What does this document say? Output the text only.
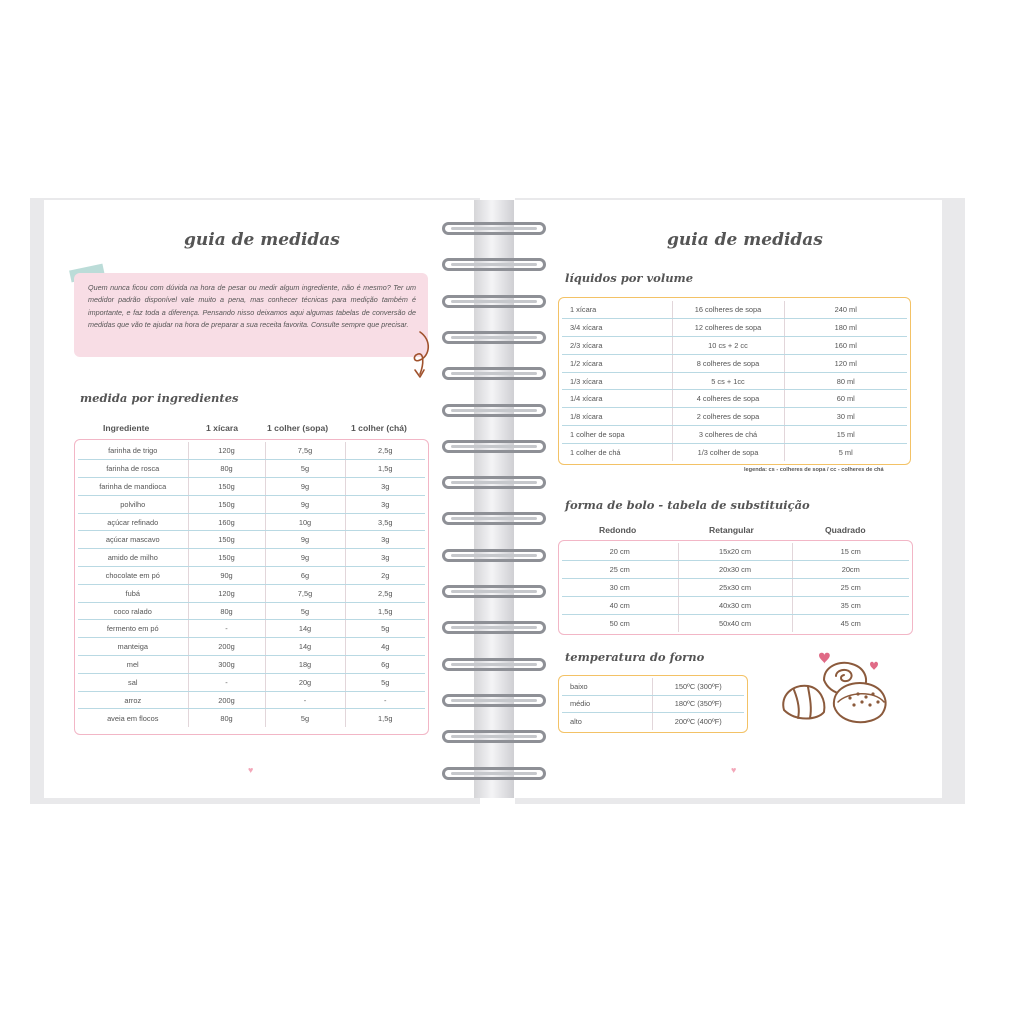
guia de medidas
Quem nunca ficou com dúvida na hora de pesar ou medir algum ingrediente, não é mesmo? Ter um medidor padrão disponível vale muito a pena, mas conhecer técnicas para medição também é importante, e faz toda a diferença. Pensando nisso deixamos aqui algumas tabelas de conversão de medidas que vão te ajudar na hora de preparar a sua receita favorita. Consulte sempre que precisar.
medida por ingredientes
Ingrediente	1 xícara	1 colher (sopa)	1 colher (chá)
farinha de trigo	120g	7,5g	2,5g
farinha de rosca	80g	5g	1,5g
farinha de mandioca	150g	9g	3g
polvilho	150g	9g	3g
açúcar refinado	160g	10g	3,5g
açúcar mascavo	150g	9g	3g
amido de milho	150g	9g	3g
chocolate em pó	90g	6g	2g
fubá	120g	7,5g	2,5g
coco ralado	80g	5g	1,5g
fermento em pó	-	14g	5g
manteiga	200g	14g	4g
mel	300g	18g	6g
sal	-	20g	5g
arroz	200g	-	-
aveia em flocos	80g	5g	1,5g
♥
guia de medidas
líquidos por volume
1 xícara	16 colheres de sopa	240 ml
3/4 xícara	12 colheres de sopa	180 ml
2/3 xícara	10 cs + 2 cc	160 ml
1/2 xícara	8 colheres de sopa	120 ml
1/3 xícara	5 cs + 1cc	80 ml
1/4 xícara	4 colheres de sopa	60 ml
1/8 xícara	2 colheres de sopa	30 ml
1 colher de sopa	3 colheres de chá	15 ml
1 colher de chá	1/3 colher de sopa	5 ml
legenda: cs - colheres de sopa / cc - colheres de chá
forma de bolo - tabela de substituição
Redondo	Retangular	Quadrado
20 cm	15x20 cm	15 cm
25 cm	20x30 cm	20cm
30 cm	25x30 cm	25 cm
40 cm	40x30 cm	35 cm
50 cm	50x40 cm	45 cm
temperatura do forno
baixo	150ºC (300ºF)
médio	180ºC (350ºF)
alto	200ºC (400ºF)
♥
